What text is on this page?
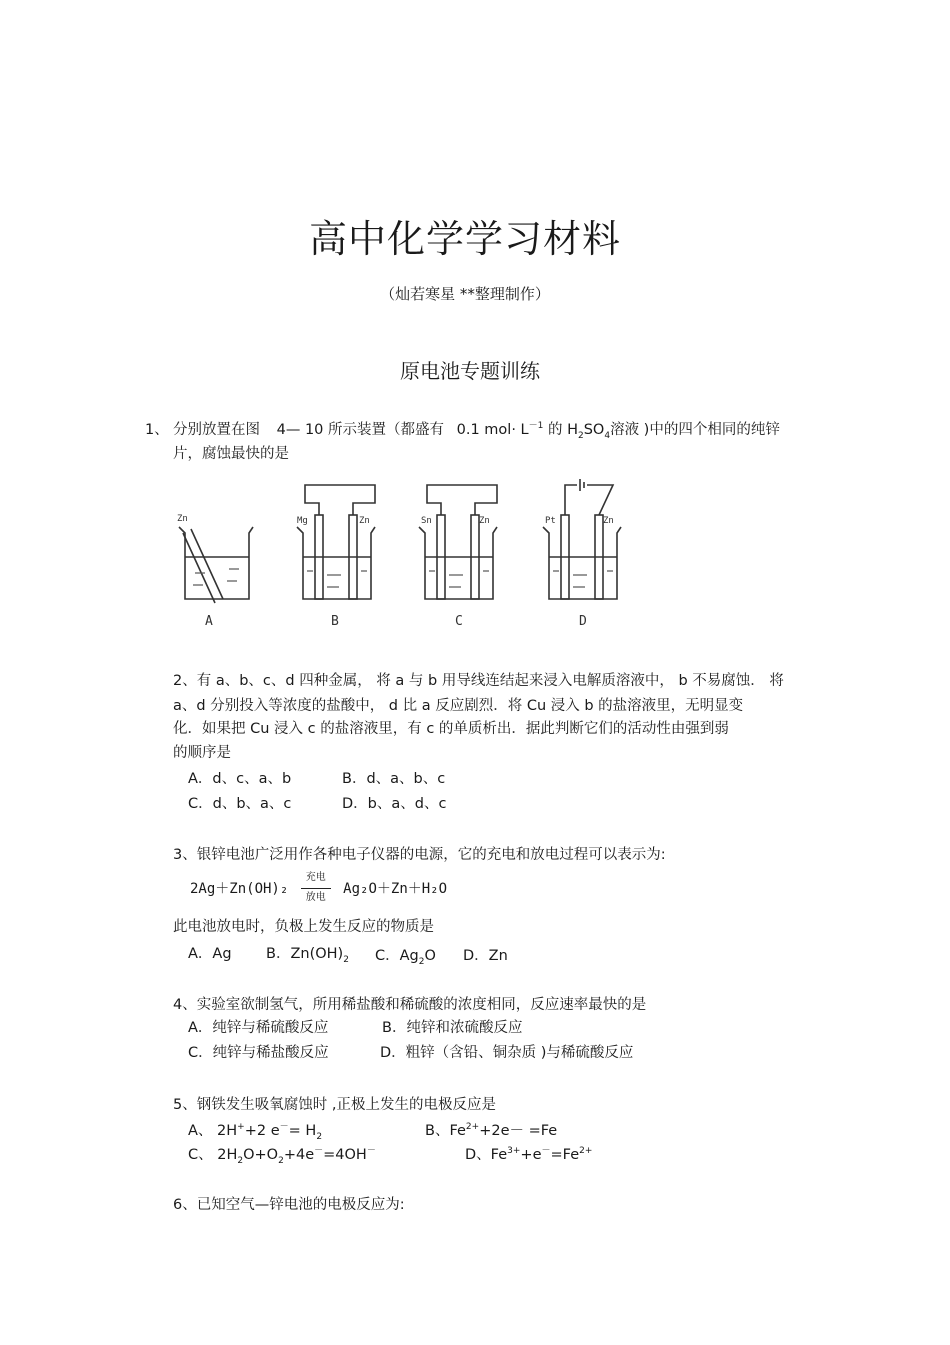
高中化学学习材料
（灿若寒星 **整理制作）
原电池专题训练
1、 分别放置在图 4— 10 所示装置（都盛有 0.1 $mol\cdot L^{-1}$ 的 $H_2SO_4$溶液 )中的四个相同的纯锌
片，腐蚀最快的是
Zn	Mg	Zn	Sn	Zn	Pt	Zn
A	B	C	D
2、有 a、b、c、d 四种金属， 将 a 与 b 用导线连结起来浸入电解质溶液中， b 不易腐蚀． 将
a、d 分别投入等浓度的盐酸中， d 比 a 反应剧烈．将 Cu 浸入 b 的盐溶液里，无明显变
化．如果把 Cu 浸入 c 的盐溶液里，有 c 的单质析出．据此判断它们的活动性由强到弱
的顺序是
A．d、c、a、b	B．d、a、b、c
C．d、b、a、c	D．b、a、d、c
3、银锌电池广泛用作各种电子仪器的电源，它的充电和放电过程可以表示为:
2Ag＋Zn(OH)₂
充电
放电
Ag₂O＋Zn＋H₂O
此电池放电时，负极上发生反应的物质是
A．Ag B．$Zn(OH)_2$ C．$Ag_2O$ D．Zn
4、实验室欲制氢气，所用稀盐酸和稀硫酸的浓度相同，反应速率最快的是
A．纯锌与稀硫酸反应	B．纯锌和浓硫酸反应
C．纯锌与稀盐酸反应	D．粗锌（含铅、铜杂质 )与稀硫酸反应
5、钢铁发生吸氧腐蚀时 ,正极上发生的电极反应是
A、 2H++2 $e^-= H_2$	B、$Fe^{2+}+2e- =Fe$
C、 $2H_2O+O_2+4e^-=4OH^-$	D、$Fe^{3+}+e^-=Fe^{2+}$
6、已知空气—锌电池的电极反应为:
